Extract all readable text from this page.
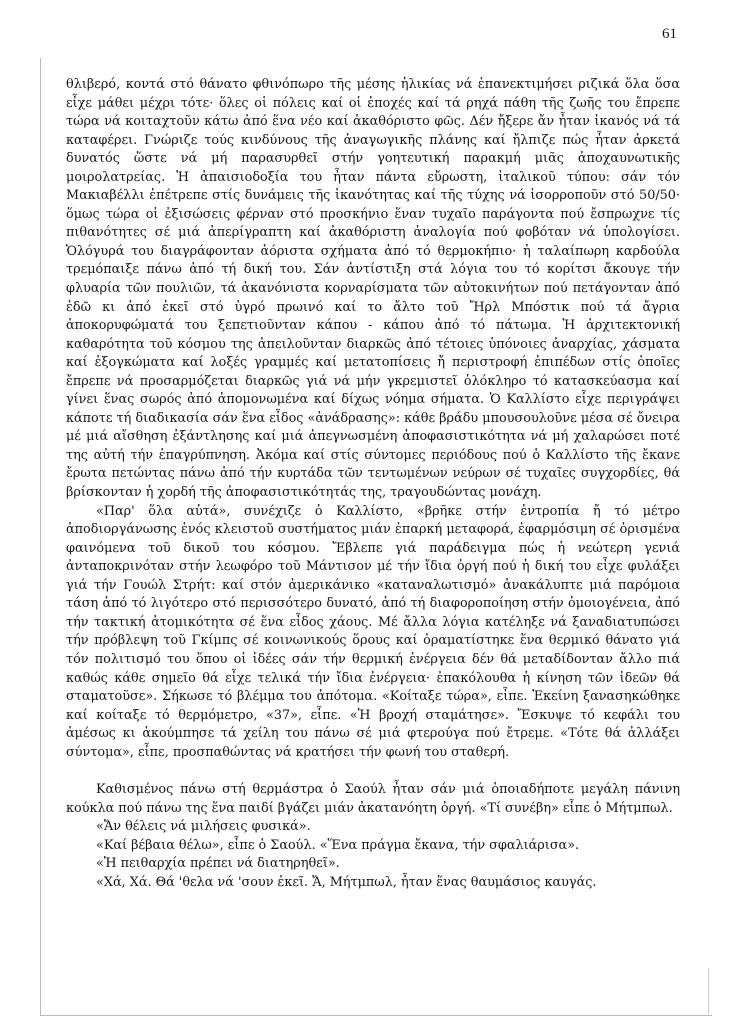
61

θλιβερό, κοντά στό θάνατο φθινόπωρο τῆς μέσης ἡλικίας νά ἐπανεκτιμήσει ριζικά ὅλα ὅσα εἶχε μάθει μέχρι τότε· ὅλες οἱ πόλεις καί οἱ ἐποχές καί τά ρηχά πάθη τῆς ζωῆς του ἔπρεπε τώρα νά κοιταχτοῦν κάτω ἀπό ἕνα νέο καί ἀκαθόριστο φῶς. Δέν ἤξερε ἄν ἦταν ἱκανός νά τά καταφέρει. Γνώριζε τούς κινδύνους τῆς ἀναγωγικῆς πλάνης καί ἤλπιζε πώς ἦταν ἀρκετά δυνατός ὥστε νά μή παρασυρθεῖ στήν γοητευτική παρακμή μιᾶς ἀποχαυνωτικῆς μοιρολατρείας. Ἡ ἀπαισιοδοξία του ἦταν πάντα εὔρωστη, ἰταλικοῦ τύπου: σάν τόν Μακιαβέλλι ἐπέτρεπε στίς δυνάμεις τῆς ἱκανότητας καί τῆς τύχης νά ἰσορροποῦν στό 50/50· ὅμως τώρα οἱ ἐξισώσεις φέρναν στό προσκήνιο ἕναν τυχαῖο παράγοντα πού ἔσπρωχνε τίς πιθανότητες σέ μιά ἀπερίγραπτη καί ἀκαθόριστη ἀναλογία πού φοβόταν νά ὑπολογίσει. Ὁλόγυρά του διαγράφονταν ἀόριστα σχήματα ἀπό τό θερμοκήπιο· ἡ ταλαίπωρη καρδούλα τρεμόπαιξε πάνω ἀπό τή δική του. Σάν ἀντίστιξη στά λόγια του τό κορίτσι ἄκουγε τήν φλυαρία τῶν πουλιῶν, τά ἀκανόνιστα κορναρίσματα τῶν αὐτοκινήτων πού πετάγονταν ἀπό ἐδῶ κι ἀπό ἐκεῖ στό ὑγρό πρωινό καί το ἄλτο τοῦ Ἤρλ Μπόστικ πού τά ἄγρια ἀποκορυφώματά του ξεπετιοῦνταν κάπου - κάπου ἀπό τό πάτωμα. Ἡ ἀρχιτεκτονική καθαρότητα τοῦ κόσμου της ἀπειλοῦνταν διαρκῶς ἀπό τέτοιες ὑπόνοιες ἀναρχίας, χάσματα καί ἐξογκώματα καί λοξές γραμμές καί μετατοπίσεις ἤ περιστροφή ἐπιπέδων στίς ὁποῖες ἔπρεπε νά προσαρμόζεται διαρκῶς γιά νά μήν γκρεμιστεῖ ὁλόκληρο τό κατασκεύασμα καί γίνει ἕνας σωρός ἀπό ἀπομονωμένα καί δίχως νόημα σήματα. Ὁ Καλλίστο εἶχε περιγράψει κάποτε τή διαδικασία σάν ἕνα εἶδος «ἀνάδρασης»: κάθε βράδυ μπουσουλοῦνε μέσα σέ ὄνειρα μέ μιά αἴσθηση ἐξάντλησης καί μιά ἀπεγνωσμένη ἀποφασιστικότητα νά μή χαλαρώσει ποτέ της αὐτή τήν ἐπαγρύπνηση. Ἀκόμα καί στίς σύντομες περιόδους πού ὁ Καλλίστο τῆς ἔκανε ἔρωτα πετώντας πάνω ἀπό τήν κυρτάδα τῶν τεντωμένων νεύρων σέ τυχαῖες συγχορδίες, θά βρίσκονταν ἡ χορδή τῆς ἀποφασιστικότητάς της, τραγουδώντας μονάχη.

«Παρ' ὅλα αὐτά», συνέχιζε ὁ Καλλίστο, «βρῆκε στήν ἐντροπία ἤ τό μέτρο ἀποδιοργάνωσης ἑνός κλειστοῦ συστήματος μιάν ἐπαρκή μεταφορά, ἐφαρμόσιμη σέ ὁρισμένα φαινόμενα τοῦ δικοῦ του κόσμου. Ἔβλεπε γιά παράδειγμα πώς ἡ νεώτερη γενιά ἀνταποκρινόταν στήν λεωφόρο τοῦ Μάντισον μέ τήν ἴδια ὀργή πού ἡ δική του εἶχε φυλάξει γιά τήν Γουώλ Στρήτ: καί στόν ἀμερικάνικο «καταναλωτισμό» ἀνακάλυπτε μιά παρόμοια τάση ἀπό τό λιγότερο στό περισσότερο δυνατό, ἀπό τή διαφοροποίηση στήν ὁμοιογένεια, ἀπό τήν τακτική ἀτομικότητα σέ ἕνα εἶδος χάους. Μέ ἄλλα λόγια κατέληξε νά ξαναδιατυπώσει τήν πρόβλεψη τοῦ Γκίμπς σέ κοινωνικούς ὅρους καί ὁραματίστηκε ἕνα θερμικό θάνατο γιά τόν πολιτισμό του ὅπου οἱ ἰδέες σάν τήν θερμική ἐνέργεια δέν θά μεταδίδονταν ἄλλο πιά καθώς κάθε σημεῖο θά εἶχε τελικά τήν ἴδια ἐνέργεια· ἐπακόλουθα ἡ κίνηση τῶν ἰδεῶν θά σταματοῦσε». Σήκωσε τό βλέμμα του ἀπότομα. «Κοίταξε τώρα», εἶπε. Ἐκείνη ξανασηκώθηκε καί κοίταξε τό θερμόμετρο, «37», εἶπε. «Ἡ βροχή σταμάτησε». Ἔσκυψε τό κεφάλι του ἀμέσως κι ἀκούμπησε τά χείλη του πάνω σέ μιά φτερούγα πού ἔτρεμε. «Τότε θά ἀλλάξει σύντομα», εἶπε, προσπαθώντας νά κρατήσει τήν φωνή του σταθερή.

Καθισμένος πάνω στή θερμάστρα ὁ Σαούλ ἦταν σάν μιά ὁποιαδήποτε μεγάλη πάνινη κούκλα πού πάνω της ἕνα παιδί βγάζει μιάν ἀκατανόητη ὀργή. «Τί συνέβη» εἶπε ὁ Μήτμπωλ.

«Ἄν θέλεις νά μιλήσεις φυσικά».

«Καί βέβαια θέλω», εἶπε ὁ Σαούλ. «Ἕνα πράγμα ἔκανα, τήν σφαλιάρισα».

«Ἡ πειθαρχία πρέπει νά διατηρηθεῖ».

«Χά, Χά. Θά 'θελα νά 'σουν ἐκεῖ. Ἄ, Μήτμπωλ, ἦταν ἕνας θαυμάσιος καυγάς.
